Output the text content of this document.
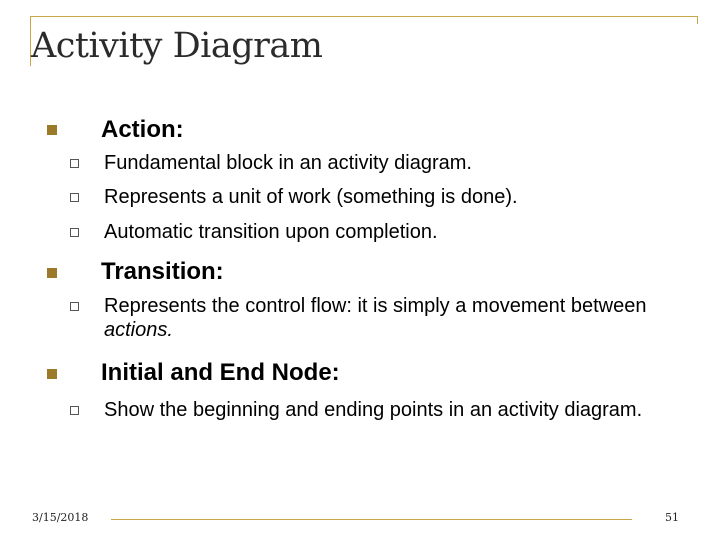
Activity Diagram
Action:
Fundamental block in an activity diagram.
Represents a unit of work (something is done).
Automatic transition upon completion.
Transition:
Represents the control flow: it is simply a movement between actions.
Initial and End Node:
Show the beginning and ending points in an activity diagram.
3/15/2018	51
